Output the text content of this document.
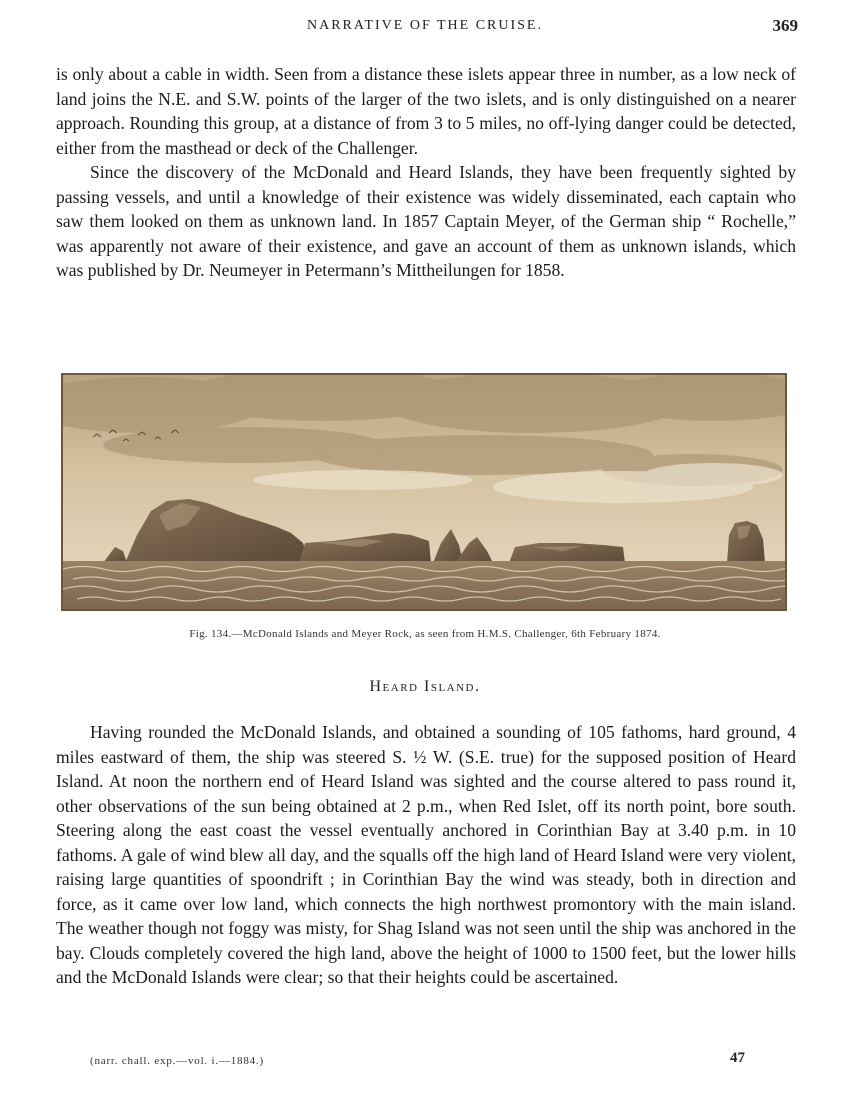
NARRATIVE OF THE CRUISE.	369

is only about a cable in width. Seen from a distance these islets appear three in number, as a low neck of land joins the N.E. and S.W. points of the larger of the two islets, and is only distinguished on a nearer approach. Rounding this group, at a distance of from 3 to 5 miles, no off-lying danger could be detected, either from the masthead or deck of the Challenger.

Since the discovery of the McDonald and Heard Islands, they have been frequently sighted by passing vessels, and until a knowledge of their existence was widely disseminated, each captain who saw them looked on them as unknown land. In 1857 Captain Meyer, of the German ship “ Rochelle,” was apparently not aware of their existence, and gave an account of them as unknown islands, which was published by Dr. Neumeyer in Petermann’s Mittheilungen for 1858.

Fig. 134.—McDonald Islands and Meyer Rock, as seen from H.M.S. Challenger, 6th February 1874.
Heard Island.

Having rounded the McDonald Islands, and obtained a sounding of 105 fathoms, hard ground, 4 miles eastward of them, the ship was steered S. ½ W. (S.E. true) for the supposed position of Heard Island. At noon the northern end of Heard Island was sighted and the course altered to pass round it, other observations of the sun being obtained at 2 p.m., when Red Islet, off its north point, bore south. Steering along the east coast the vessel eventually anchored in Corinthian Bay at 3.40 p.m. in 10 fathoms. A gale of wind blew all day, and the squalls off the high land of Heard Island were very violent, raising large quantities of spoondrift ; in Corinthian Bay the wind was steady, both in direction and force, as it came over low land, which connects the high northwest promontory with the main island. The weather though not foggy was misty, for Shag Island was not seen until the ship was anchored in the bay. Clouds completely covered the high land, above the height of 1000 to 1500 feet, but the lower hills and the McDonald Islands were clear; so that their heights could be ascertained.

(narr. chall. exp.—vol. i.—1884.)	47
